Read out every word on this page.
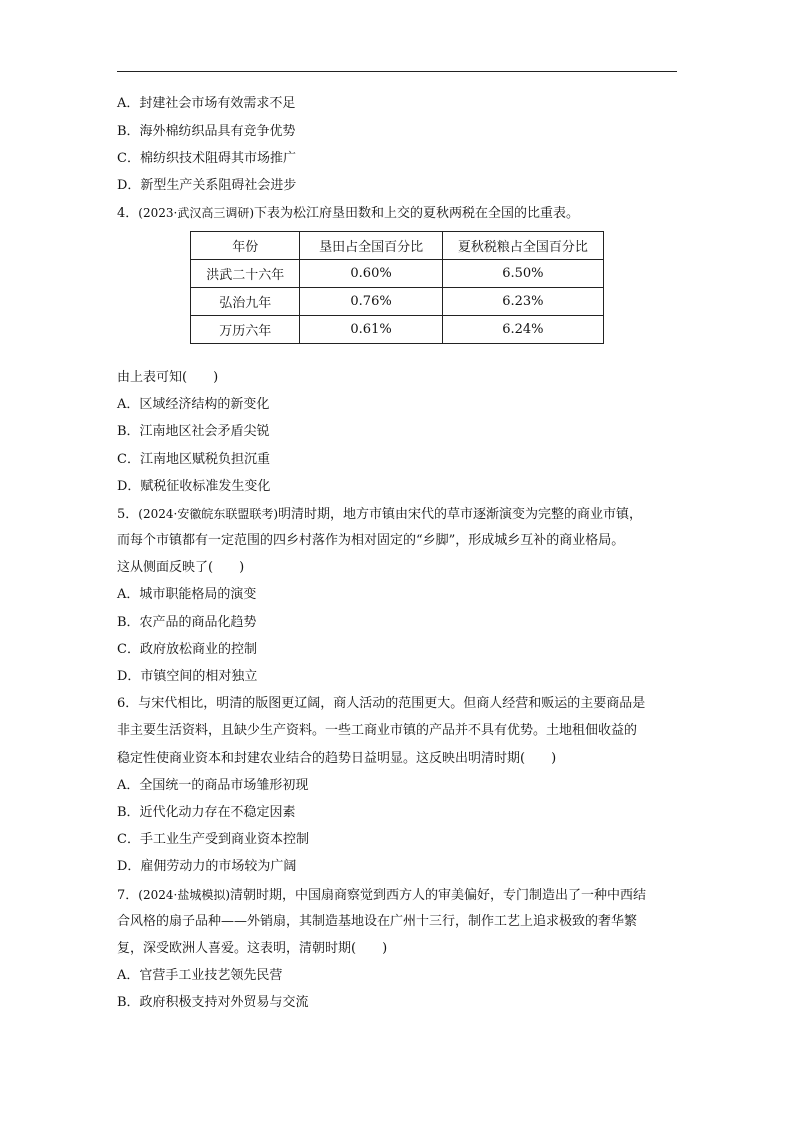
A．封建社会市场有效需求不足
B．海外棉纺织品具有竞争优势
C．棉纺织技术阻碍其市场推广
D．新型生产关系阻碍社会进步
4．(2023·武汉高三调研)下表为松江府垦田数和上交的夏秋两税在全国的比重表。
年份	垦田占全国百分比	夏秋税粮占全国百分比
洪武二十六年	0.60%	6.50%
弘治九年	0.76%	6.23%
万历六年	0.61%	6.24%
由上表可知(　　)
A．区域经济结构的新变化
B．江南地区社会矛盾尖锐
C．江南地区赋税负担沉重
D．赋税征收标准发生变化
5．(2024·安徽皖东联盟联考)明清时期，地方市镇由宋代的草市逐渐演变为完整的商业市镇，
而每个市镇都有一定范围的四乡村落作为相对固定的“乡脚”，形成城乡互补的商业格局。
这从侧面反映了(　　)
A．城市职能格局的演变
B．农产品的商品化趋势
C．政府放松商业的控制
D．市镇空间的相对独立
6．与宋代相比，明清的版图更辽阔，商人活动的范围更大。但商人经营和贩运的主要商品是
非主要生活资料，且缺少生产资料。一些工商业市镇的产品并不具有优势。土地租佃收益的
稳定性使商业资本和封建农业结合的趋势日益明显。这反映出明清时期(　　)
A．全国统一的商品市场雏形初现
B．近代化动力存在不稳定因素
C．手工业生产受到商业资本控制
D．雇佣劳动力的市场较为广阔
7．(2024·盐城模拟)清朝时期，中国扇商察觉到西方人的审美偏好，专门制造出了一种中西结
合风格的扇子品种——外销扇，其制造基地设在广州十三行，制作工艺上追求极致的奢华繁
复，深受欧洲人喜爱。这表明，清朝时期(　　)
A．官营手工业技艺领先民营
B．政府积极支持对外贸易与交流
